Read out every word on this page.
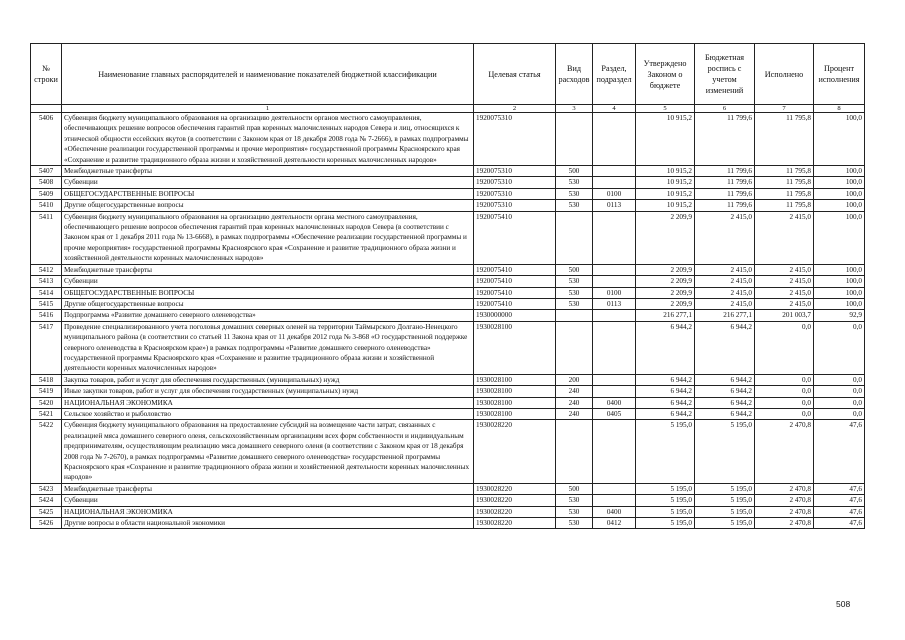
№ строки	Наименование главных распорядителей и наименование показателей бюджетной классификации	Целевая статья	Вид расходов	Раздел, подраздел	Утверждено Законом о бюджете	Бюджетная роспись с учетом изменений	Исполнено	Процент исполнения
	1	2	3	4	5	6	7	8
5406	Субвенция бюджету муниципального образования на организацию деятельности органов местного самоуправления, обеспечивающих решение вопросов обеспечения гарантий прав коренных малочисленных народов Севера и лиц, относящихся к этнической общности ессейских якутов (в соответствии с Законом края от 18 декабря 2008 года № 7-2666), в рамках подпрограммы «Обеспечение реализации государственной программы и прочие мероприятия» государственной программы Красноярского края «Сохранение и развитие традиционного образа жизни и хозяйственной деятельности коренных малочисленных народов»	1920075310			10 915,2	11 799,6	11 795,8	100,0
5407	Межбюджетные трансферты	1920075310	500		10 915,2	11 799,6	11 795,8	100,0
5408	Субвенции	1920075310	530		10 915,2	11 799,6	11 795,8	100,0
5409	ОБЩЕГОСУДАРСТВЕННЫЕ ВОПРОСЫ	1920075310	530	0100	10 915,2	11 799,6	11 795,8	100,0
5410	Другие общегосударственные вопросы	1920075310	530	0113	10 915,2	11 799,6	11 795,8	100,0
5411	Субвенция бюджету муниципального образования на организацию деятельности органа местного самоуправления, обеспечивающего решение вопросов обеспечения гарантий прав коренных малочисленных народов Севера (в соответствии с Законом края от 1 декабря 2011 года № 13-6668), в рамках подпрограммы «Обеспечение реализации государственной программы и прочие мероприятия» государственной программы Красноярского края «Сохранение и развитие традиционного образа жизни и хозяйственной деятельности коренных малочисленных народов»	1920075410			2 209,9	2 415,0	2 415,0	100,0
5412	Межбюджетные трансферты	1920075410	500		2 209,9	2 415,0	2 415,0	100,0
5413	Субвенции	1920075410	530		2 209,9	2 415,0	2 415,0	100,0
5414	ОБЩЕГОСУДАРСТВЕННЫЕ ВОПРОСЫ	1920075410	530	0100	2 209,9	2 415,0	2 415,0	100,0
5415	Другие общегосударственные вопросы	1920075410	530	0113	2 209,9	2 415,0	2 415,0	100,0
5416	Подпрограмма «Развитие домашнего северного оленеводства»	1930000000			216 277,1	216 277,1	201 003,7	92,9
5417	Проведение специализированного учета поголовья домашних северных оленей на территории Таймырского Долгано-Ненецкого муниципального района (в соответствии со статьей 11 Закона края от 11 декабря 2012 года № 3-868 «О государственной поддержке северного оленеводства в Красноярском крае») в рамках подпрограммы «Развитие домашнего северного оленеводства» государственной программы Красноярского края «Сохранение и развитие традиционного образа жизни и хозяйственной деятельности коренных малочисленных народов»	1930028100			6 944,2	6 944,2	0,0	0,0
5418	Закупка товаров, работ и услуг для обеспечения государственных (муниципальных) нужд	1930028100	200		6 944,2	6 944,2	0,0	0,0
5419	Иные закупки товаров, работ и услуг для обеспечения государственных (муниципальных) нужд	1930028100	240		6 944,2	6 944,2	0,0	0,0
5420	НАЦИОНАЛЬНАЯ ЭКОНОМИКА	1930028100	240	0400	6 944,2	6 944,2	0,0	0,0
5421	Сельское хозяйство и рыболовство	1930028100	240	0405	6 944,2	6 944,2	0,0	0,0
5422	Субвенция бюджету муниципального образования на предоставление субсидий на возмещение части затрат, связанных с реализацией мяса домашнего северного оленя, сельскохозяйственным организациям всех форм собственности и индивидуальным предпринимателям, осуществляющим реализацию мяса домашнего северного оленя (в соответствии с Законом края от 18 декабря 2008 года № 7-2670), в рамках подпрограммы «Развитие домашнего северного оленеводства» государственной программы Красноярского края «Сохранение и развитие традиционного образа жизни и хозяйственной деятельности коренных малочисленных народов»	1930028220			5 195,0	5 195,0	2 470,8	47,6
5423	Межбюджетные трансферты	1930028220	500		5 195,0	5 195,0	2 470,8	47,6
5424	Субвенции	1930028220	530		5 195,0	5 195,0	2 470,8	47,6
5425	НАЦИОНАЛЬНАЯ ЭКОНОМИКА	1930028220	530	0400	5 195,0	5 195,0	2 470,8	47,6
5426	Другие вопросы в области национальной экономики	1930028220	530	0412	5 195,0	5 195,0	2 470,8	47,6
508
